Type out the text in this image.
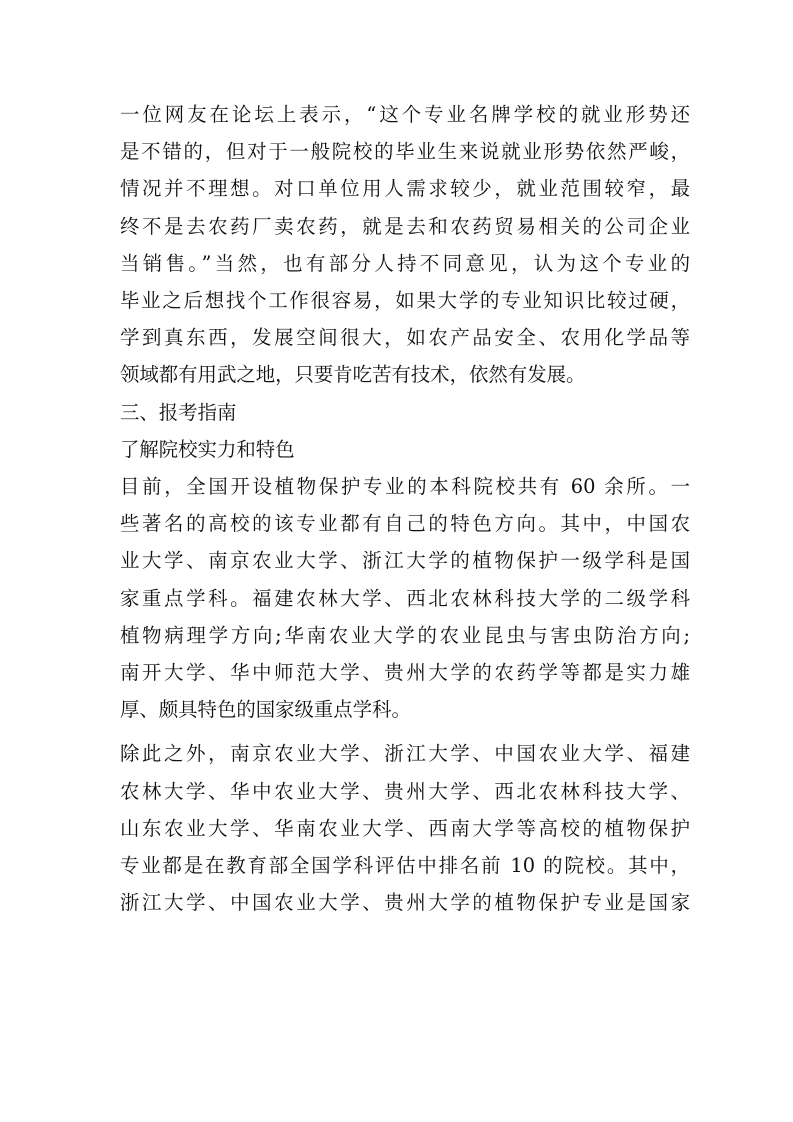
一位网友在论坛上表示，“这个专业名牌学校的就业形势还
是不错的，但对于一般院校的毕业生来说就业形势依然严峻，
情况并不理想。对口单位用人需求较少，就业范围较窄，最
终不是去农药厂卖农药，就是去和农药贸易相关的公司企业
当销售。”当然，也有部分人持不同意见，认为这个专业的
毕业之后想找个工作很容易，如果大学的专业知识比较过硬，
学到真东西，发展空间很大，如农产品安全、农用化学品等
领域都有用武之地，只要肯吃苦有技术，依然有发展。
三、报考指南
了解院校实力和特色
目前，全国开设植物保护专业的本科院校共有 60 余所。一
些著名的高校的该专业都有自己的特色方向。其中，中国农
业大学、南京农业大学、浙江大学的植物保护一级学科是国
家重点学科。福建农林大学、西北农林科技大学的二级学科
植物病理学方向;华南农业大学的农业昆虫与害虫防治方向;
南开大学、华中师范大学、贵州大学的农药学等都是实力雄
厚、颇具特色的国家级重点学科。
除此之外，南京农业大学、浙江大学、中国农业大学、福建
农林大学、华中农业大学、贵州大学、西北农林科技大学、
山东农业大学、华南农业大学、西南大学等高校的植物保护
专业都是在教育部全国学科评估中排名前 10 的院校。其中，
浙江大学、中国农业大学、贵州大学的植物保护专业是国家
